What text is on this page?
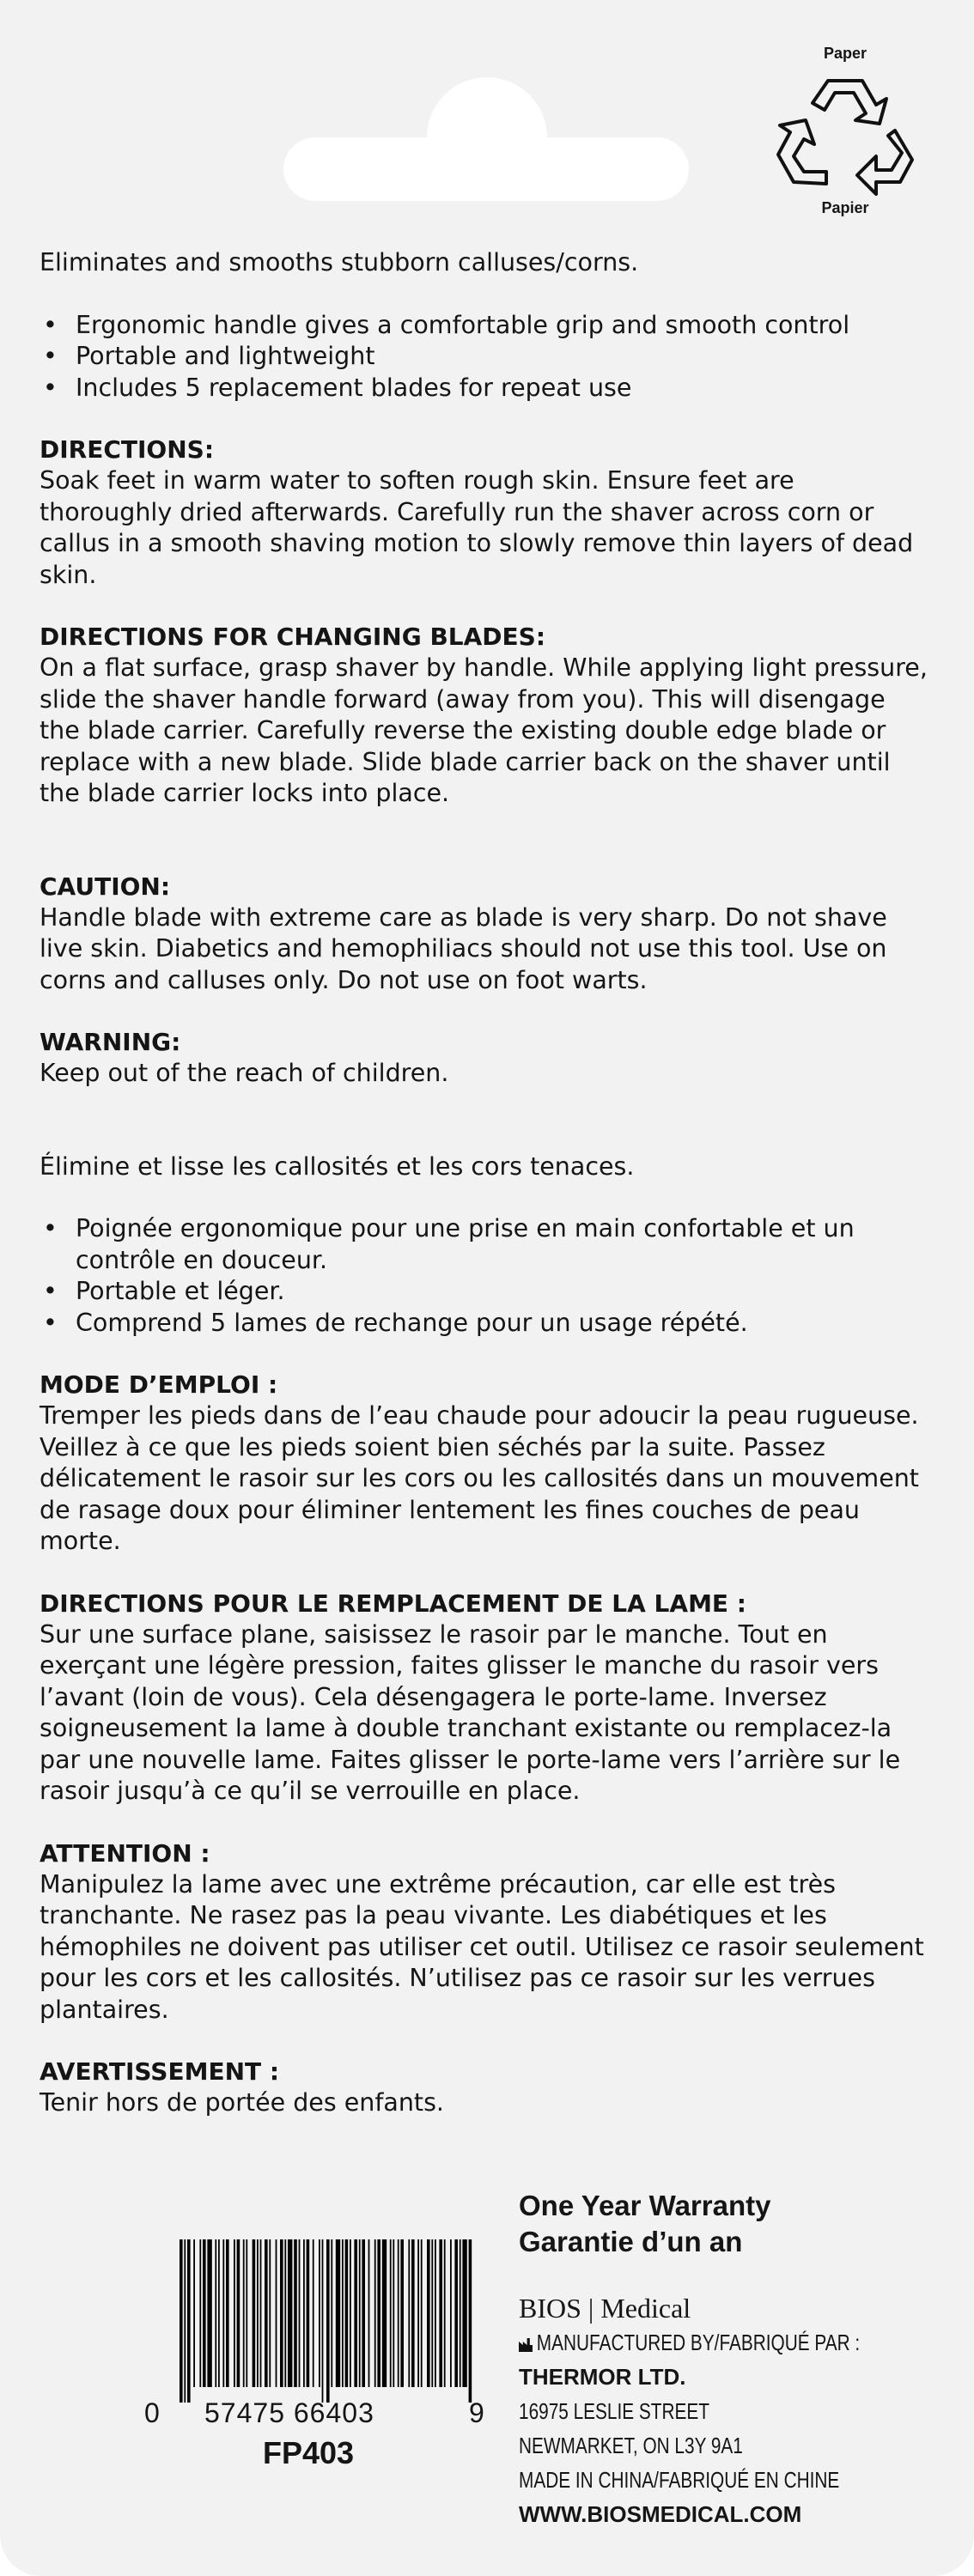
Paper
Papier

Eliminates and smooths stubborn calluses/corns.

• Ergonomic handle gives a comfortable grip and smooth control
• Portable and lightweight
• Includes 5 replacement blades for repeat use
DIRECTIONS:

Soak feet in warm water to soften rough skin. Ensure feet are thoroughly dried afterwards. Carefully run the shaver across corn or callus in a smooth shaving motion to slowly remove thin layers of dead skin.

DIRECTIONS FOR CHANGING BLADES:

On a flat surface, grasp shaver by handle. While applying light pressure, slide the shaver handle forward (away from you). This will disengage the blade carrier. Carefully reverse the existing double edge blade or replace with a new blade. Slide blade carrier back on the shaver until the blade carrier locks into place.

CAUTION:

Handle blade with extreme care as blade is very sharp. Do not shave live skin. Diabetics and hemophiliacs should not use this tool. Use on corns and calluses only. Do not use on foot warts.

WARNING:

Keep out of the reach of children.

Élimine et lisse les callosités et les cors tenaces.

• Poignée ergonomique pour une prise en main confortable et un contrôle en douceur.
• Portable et léger.
• Comprend 5 lames de rechange pour un usage répété.
MODE D’EMPLOI :

Tremper les pieds dans de l’eau chaude pour adoucir la peau rugueuse. Veillez à ce que les pieds soient bien séchés par la suite. Passez délicatement le rasoir sur les cors ou les callosités dans un mouvement de rasage doux pour éliminer lentement les fines couches de peau morte.

DIRECTIONS POUR LE REMPLACEMENT DE LA LAME :

Sur une surface plane, saisissez le rasoir par le manche. Tout en exerçant une légère pression, faites glisser le manche du rasoir vers l’avant (loin de vous). Cela désengagera le porte-lame. Inversez soigneusement la lame à double tranchant existante ou remplacez-la par une nouvelle lame. Faites glisser le porte-lame vers l’arrière sur le rasoir jusqu’à ce qu’il se verrouille en place.

ATTENTION :

Manipulez la lame avec une extrême précaution, car elle est très tranchante. Ne rasez pas la peau vivante. Les diabétiques et les hémophiles ne doivent pas utiliser cet outil. Utilisez ce rasoir seulement pour les cors et les callosités. N’utilisez pas ce rasoir sur les verrues plantaires.

AVERTISSEMENT :

Tenir hors de portée des enfants.

0 57475 66403	9
FP403
One Year Warranty
Garantie d’un an
BIOS | Medical
MANUFACTURED BY/FABRIQUÉ PAR :
THERMOR LTD.
16975 LESLIE STREET
NEWMARKET, ON L3Y 9A1
MADE IN CHINA/FABRIQUÉ EN CHINE
WWW.BIOSMEDICAL.COM
